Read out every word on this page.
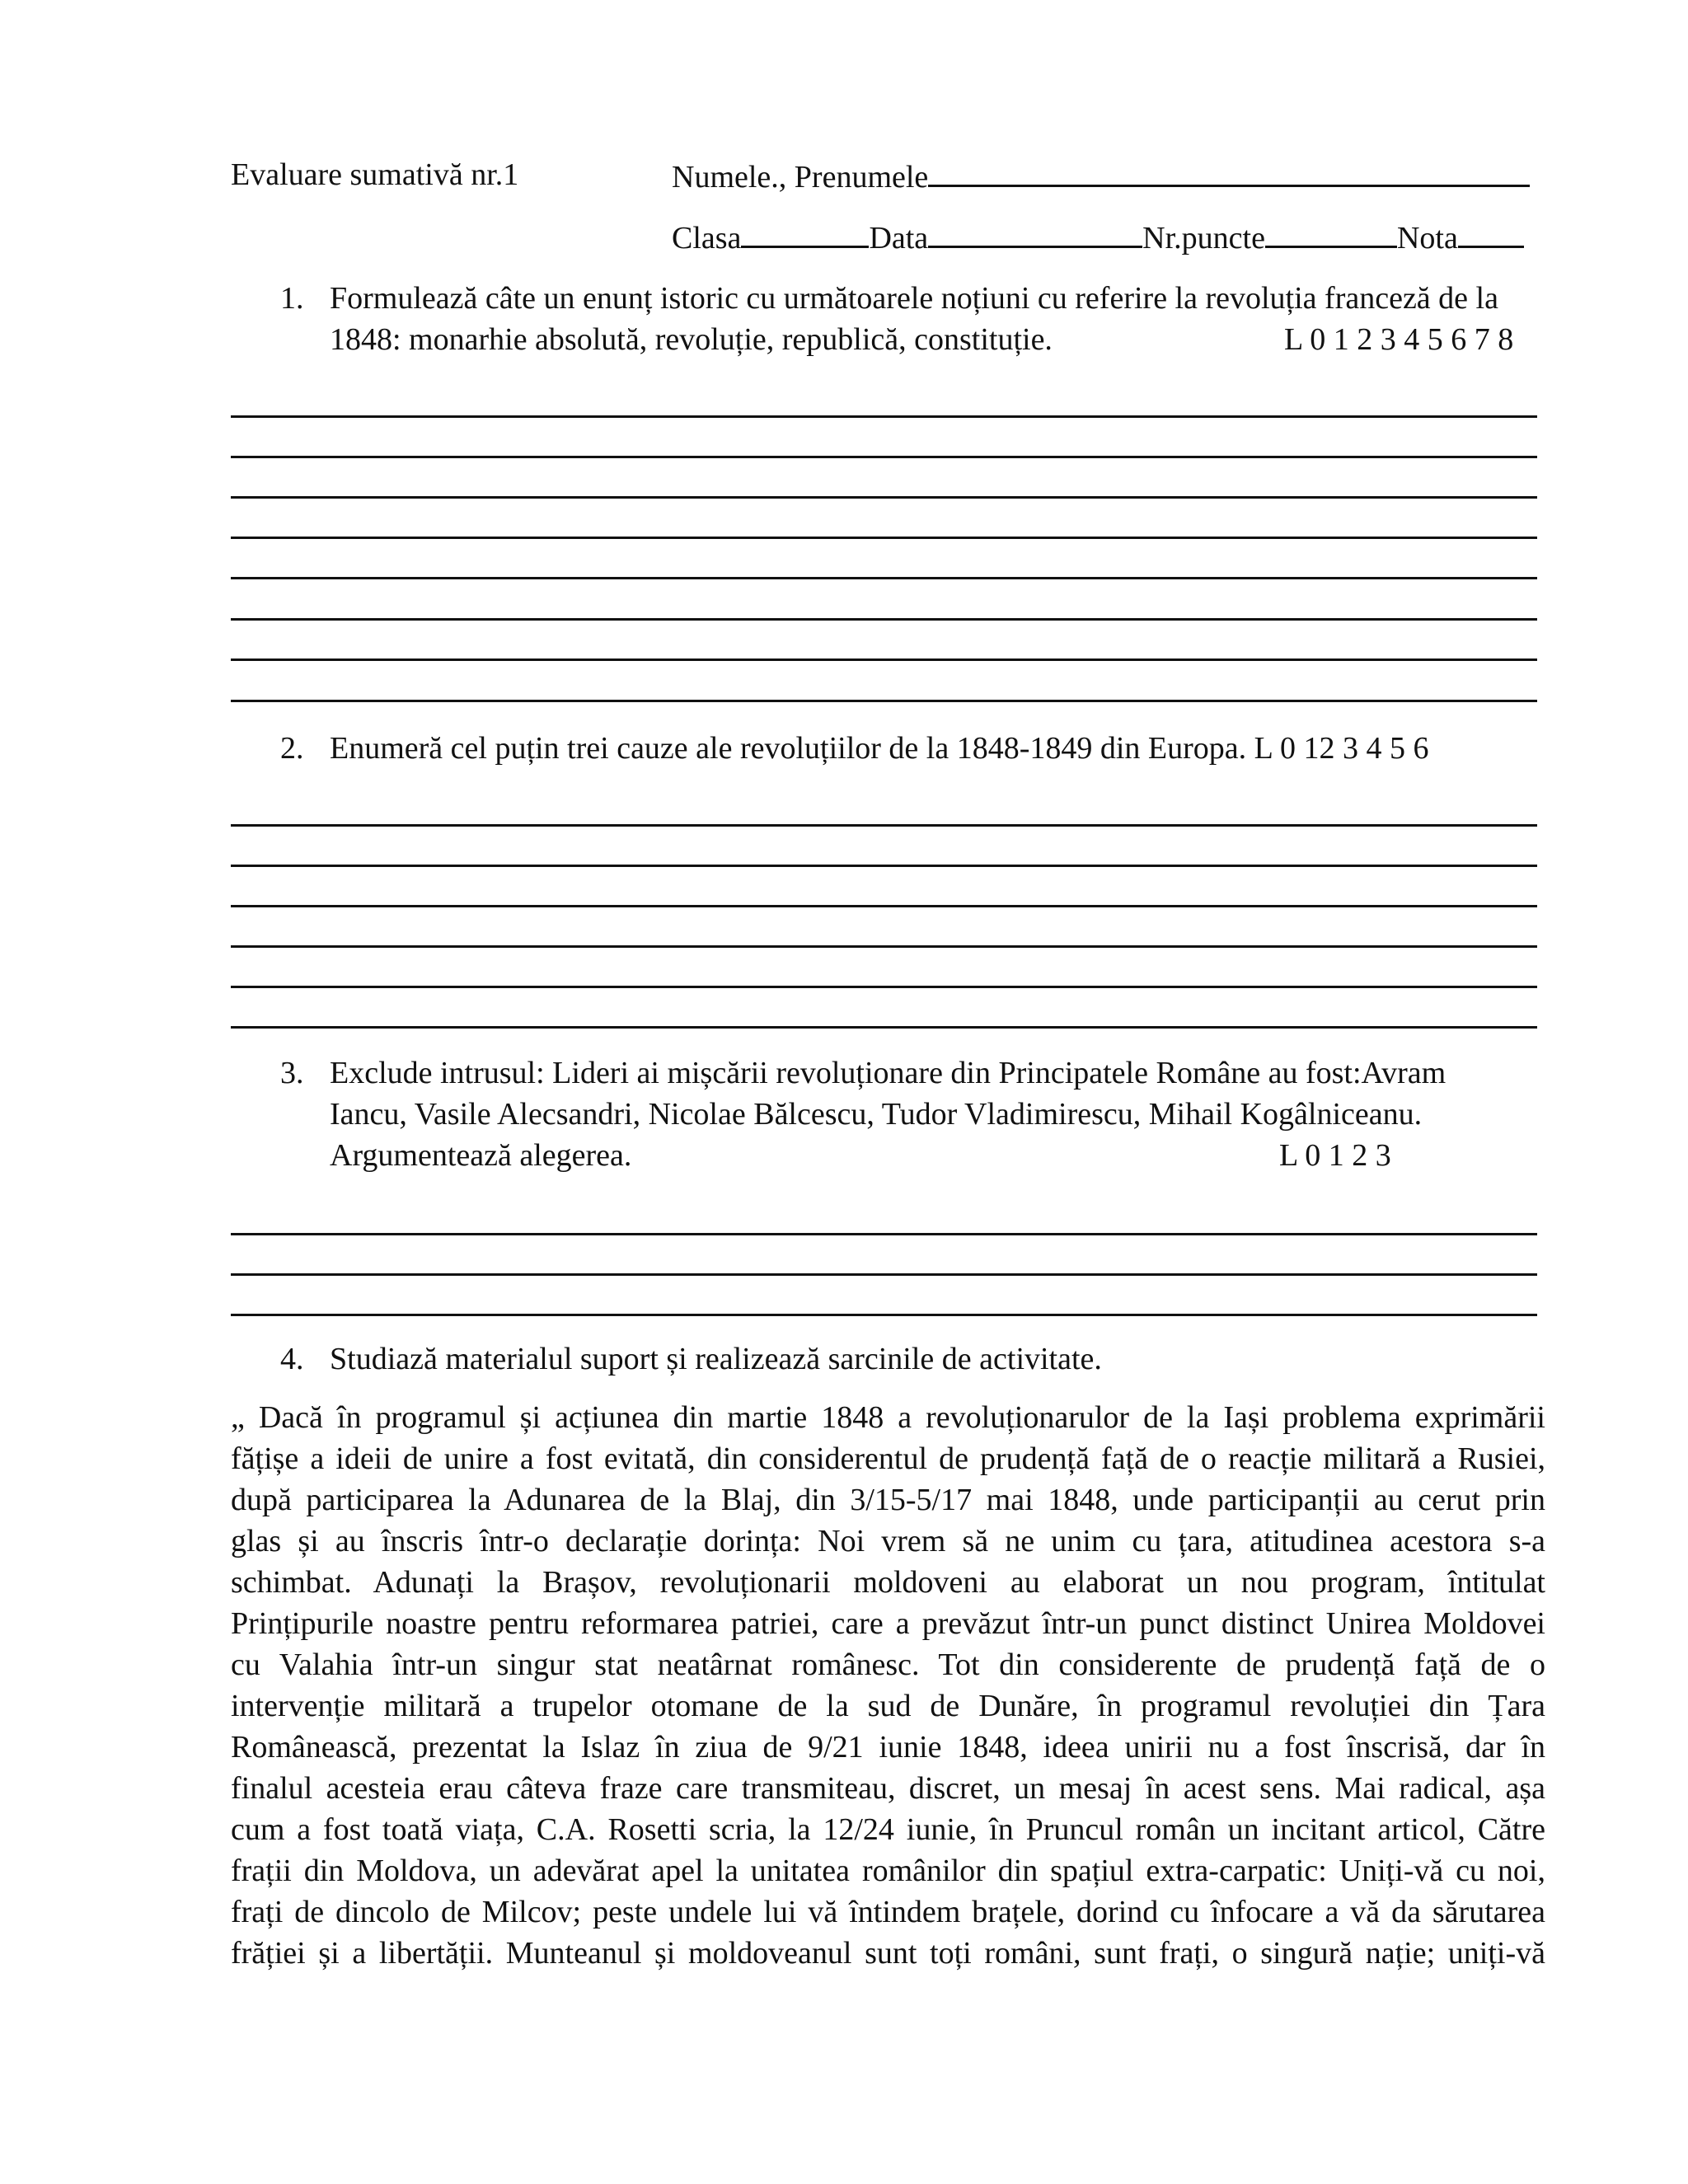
Evaluare sumativă nr.1	Numele., Prenumele
Clasa	Data	Nr.puncte	Nota
1. Formulează câte un enunț istoric cu următoarele noțiuni cu referire la revoluția franceză de la
1848: monarhie absolută, revoluție, republică, constituție.	L 0 1 2 3 4 5 6 7 8
2. Enumeră cel puțin trei cauze ale revoluțiilor de la 1848-1849 din Europa. L 0 12 3 4 5 6
3. Exclude intrusul: Lideri ai mișcării revoluționare din Principatele Române au fost:Avram
Iancu, Vasile Alecsandri, Nicolae Bălcescu, Tudor Vladimirescu, Mihail Kogâlniceanu.
Argumentează alegerea.	L 0 1 2 3
4. Studiază materialul suport și realizează sarcinile de activitate.
„ Dacă în programul și acțiunea din martie 1848 a revoluționarulor de la Iași problema exprimării
fățișe a ideii de unire a fost evitată, din considerentul de prudență față de o reacție militară a Rusiei,
după participarea la Adunarea de la Blaj, din 3/15-5/17 mai 1848, unde participanții au cerut prin
glas și au înscris într-o declarație dorința: Noi vrem să ne unim cu țara, atitudinea acestora s-a
schimbat. Adunați la Brașov, revoluționarii moldoveni au elaborat un nou program, întitulat
Prințipurile noastre pentru reformarea patriei, care a prevăzut într-un punct distinct Unirea Moldovei
cu Valahia într-un singur stat neatârnat românesc. Tot din considerente de prudență față de o
intervenție militară a trupelor otomane de la sud de Dunăre, în programul revoluției din Țara
Românească, prezentat la Islaz în ziua de 9/21 iunie 1848, ideea unirii nu a fost înscrisă, dar în
finalul acesteia erau câteva fraze care transmiteau, discret, un mesaj în acest sens. Mai radical, așa
cum a fost toată viața, C.A. Rosetti scria, la 12/24 iunie, în Pruncul român un incitant articol, Către
frații din Moldova, un adevărat apel la unitatea românilor din spațiul extra-carpatic: Uniți-vă cu noi,
frați de dincolo de Milcov; peste undele lui vă întindem brațele, dorind cu înfocare a vă da sărutarea
frăției și a libertății. Munteanul și moldoveanul sunt toți români, sunt frați, o singură nație; uniți-vă
